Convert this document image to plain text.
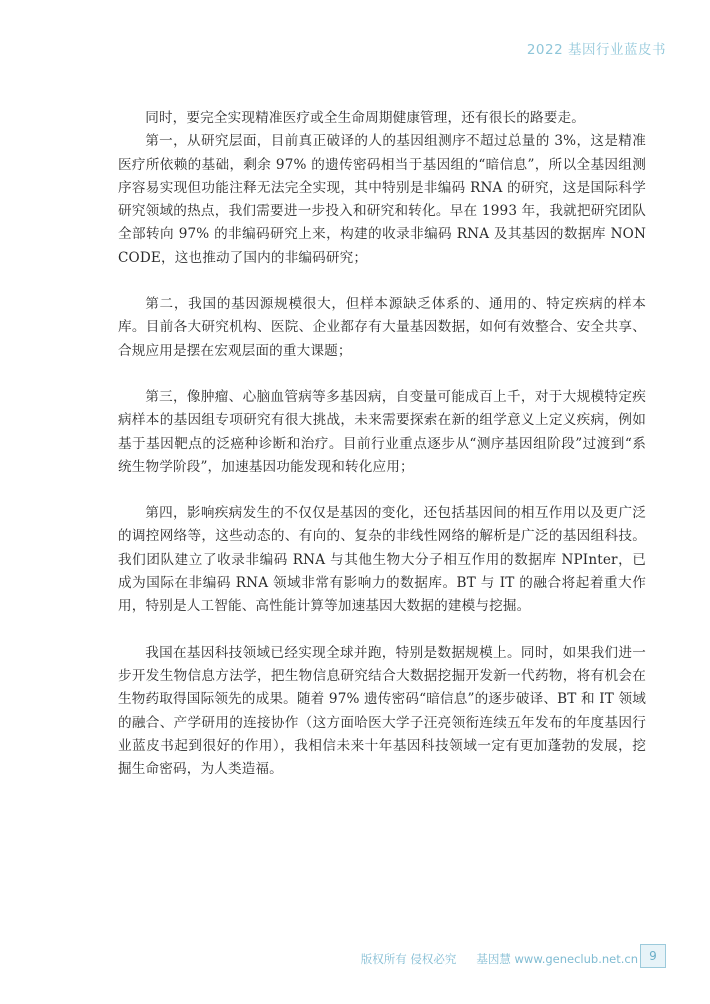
2022 基因行业蓝皮书

同时，要完全实现精准医疗或全生命周期健康管理，还有很长的路要走。

第一，从研究层面，目前真正破译的人的基因组测序不超过总量的 3%，这是精准医疗所依赖的基础，剩余 97% 的遗传密码相当于基因组的“暗信息”，所以全基因组测序容易实现但功能注释无法完全实现，其中特别是非编码 RNA 的研究，这是国际科学研究领域的热点，我们需要进一步投入和研究和转化。早在 1993 年，我就把研究团队全部转向 97% 的非编码研究上来，构建的收录非编码 RNA 及其基因的数据库 NONCODE，这也推动了国内的非编码研究；

第二，我国的基因源规模很大，但样本源缺乏体系的、通用的、特定疾病的样本库。目前各大研究机构、医院、企业都存有大量基因数据，如何有效整合、安全共享、合规应用是摆在宏观层面的重大课题；

第三，像肿瘤、心脑血管病等多基因病，自变量可能成百上千，对于大规模特定疾病样本的基因组专项研究有很大挑战，未来需要探索在新的组学意义上定义疾病，例如基于基因靶点的泛癌种诊断和治疗。目前行业重点逐步从“测序基因组阶段”过渡到“系统生物学阶段”，加速基因功能发现和转化应用；

第四，影响疾病发生的不仅仅是基因的变化，还包括基因间的相互作用以及更广泛的调控网络等，这些动态的、有向的、复杂的非线性网络的解析是广泛的基因组科技。我们团队建立了收录非编码 RNA 与其他生物大分子相互作用的数据库 NPInter，已成为国际在非编码 RNA 领域非常有影响力的数据库。BT 与 IT 的融合将起着重大作用，特别是人工智能、高性能计算等加速基因大数据的建模与挖掘。

我国在基因科技领域已经实现全球并跑，特别是数据规模上。同时，如果我们进一步开发生物信息方法学，把生物信息研究结合大数据挖掘开发新一代药物，将有机会在生物药取得国际领先的成果。随着 97% 遗传密码“暗信息”的逐步破译、BT 和 IT 领域的融合、产学研用的连接协作（这方面哈医大学子汪亮领衔连续五年发布的年度基因行业蓝皮书起到很好的作用），我相信未来十年基因科技领域一定有更加蓬勃的发展，挖掘生命密码，为人类造福。

版权所有 侵权必究 基因慧 www.geneclub.net.cn 9
